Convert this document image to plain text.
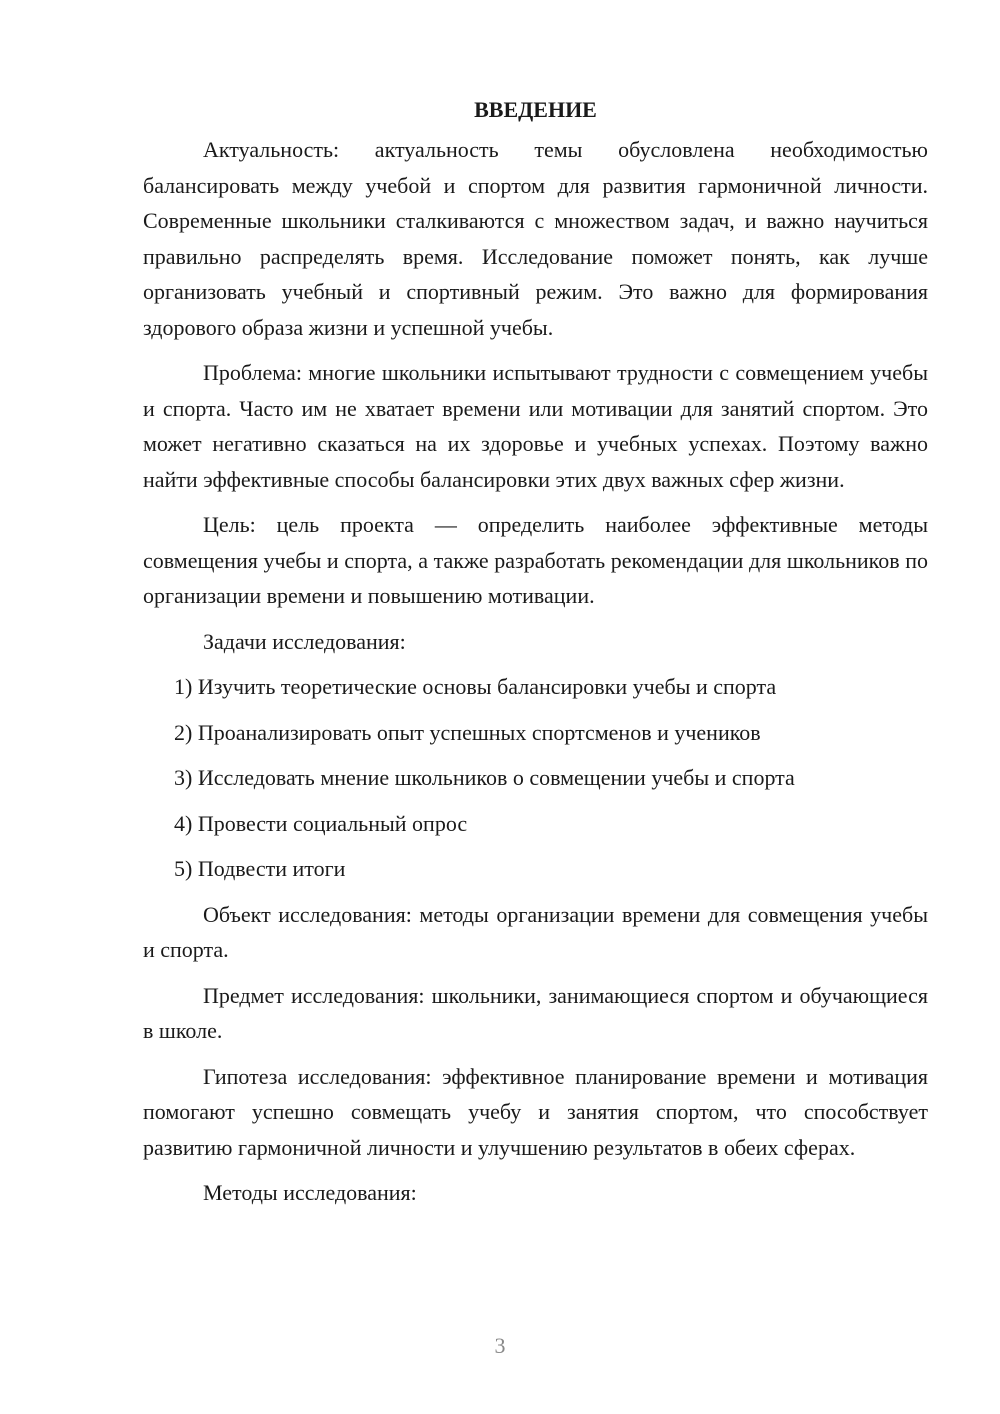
ВВЕДЕНИЕ

Актуальность: актуальность темы обусловлена необходимостью балансировать между учебой и спортом для развития гармоничной личности. Современные школьники сталкиваются с множеством задач, и важно научиться правильно распределять время. Исследование поможет понять, как лучше организовать учебный и спортивный режим. Это важно для формирования здорового образа жизни и успешной учебы.

Проблема: многие школьники испытывают трудности с совмещением учебы и спорта. Часто им не хватает времени или мотивации для занятий спортом. Это может негативно сказаться на их здоровье и учебных успехах. Поэтому важно найти эффективные способы балансировки этих двух важных сфер жизни.

Цель: цель проекта — определить наиболее эффективные методы совмещения учебы и спорта, а также разработать рекомендации для школьников по организации времени и повышению мотивации.

Задачи исследования:

1) Изучить теоретические основы балансировки учебы и спорта
2) Проанализировать опыт успешных спортсменов и учеников
3) Исследовать мнение школьников о совмещении учебы и спорта
4) Провести социальный опрос
5) Подвести итоги

Объект исследования: методы организации времени для совмещения учебы и спорта.

Предмет исследования: школьники, занимающиеся спортом и обучающиеся в школе.

Гипотеза исследования: эффективное планирование времени и мотивация помогают успешно совмещать учебу и занятия спортом, что способствует развитию гармоничной личности и улучшению результатов в обеих сферах.

Методы исследования:

3
